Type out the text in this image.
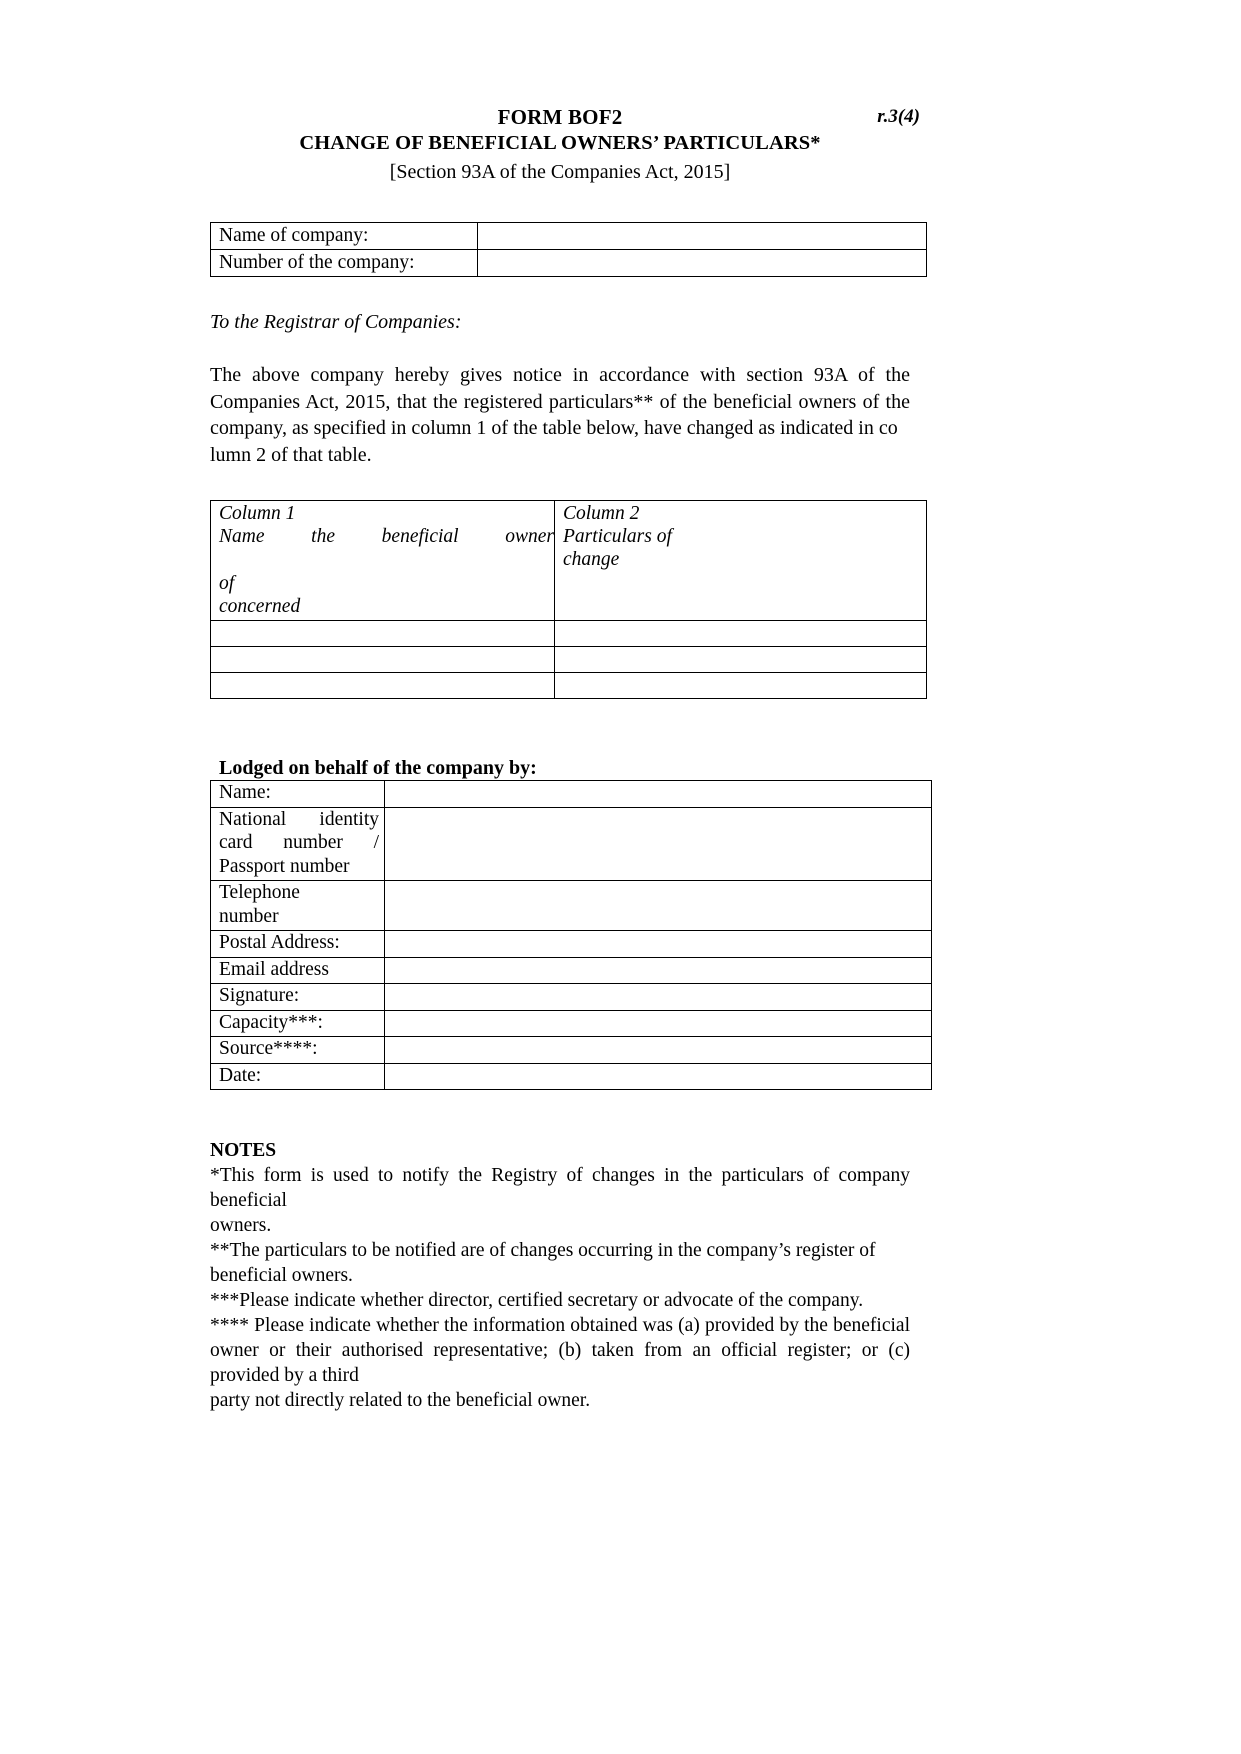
FORM BOF2	r.3(4)
CHANGE OF BENEFICIAL OWNERS’ PARTICULARS*
[Section 93A of the Companies Act, 2015]
Name of company:	
Number of the company:	
To the Registrar of Companies:
The above company hereby gives notice in accordance with section 93A of the Companies Act, 2015, that the registered particulars** of the beneficial owners of the company, as specified in column 1 of the table below, have changed as indicated in co
lumn 2 of that table.
Column 1
Name the beneficial owner
of
concerned	Column 2
Particulars of
change

Lodged on behalf of the company by:
Name:	

National identity
card number /
Passport number	

Telephone
number	

Postal Address:	

Email address	

Signature:	

Capacity***:	

Source****:	

Date:	

NOTES
*This form is used to notify the Registry of changes in the particulars of company beneficial
owners.
**The particulars to be notified are of changes occurring in the company’s register of
beneficial owners.
***Please indicate whether director, certified secretary or advocate of the company.
**** Please indicate whether the information obtained was (a) provided by the beneficial owner or their authorised representative; (b) taken from an official register; or (c) provided by a third
party not directly related to the beneficial owner.
